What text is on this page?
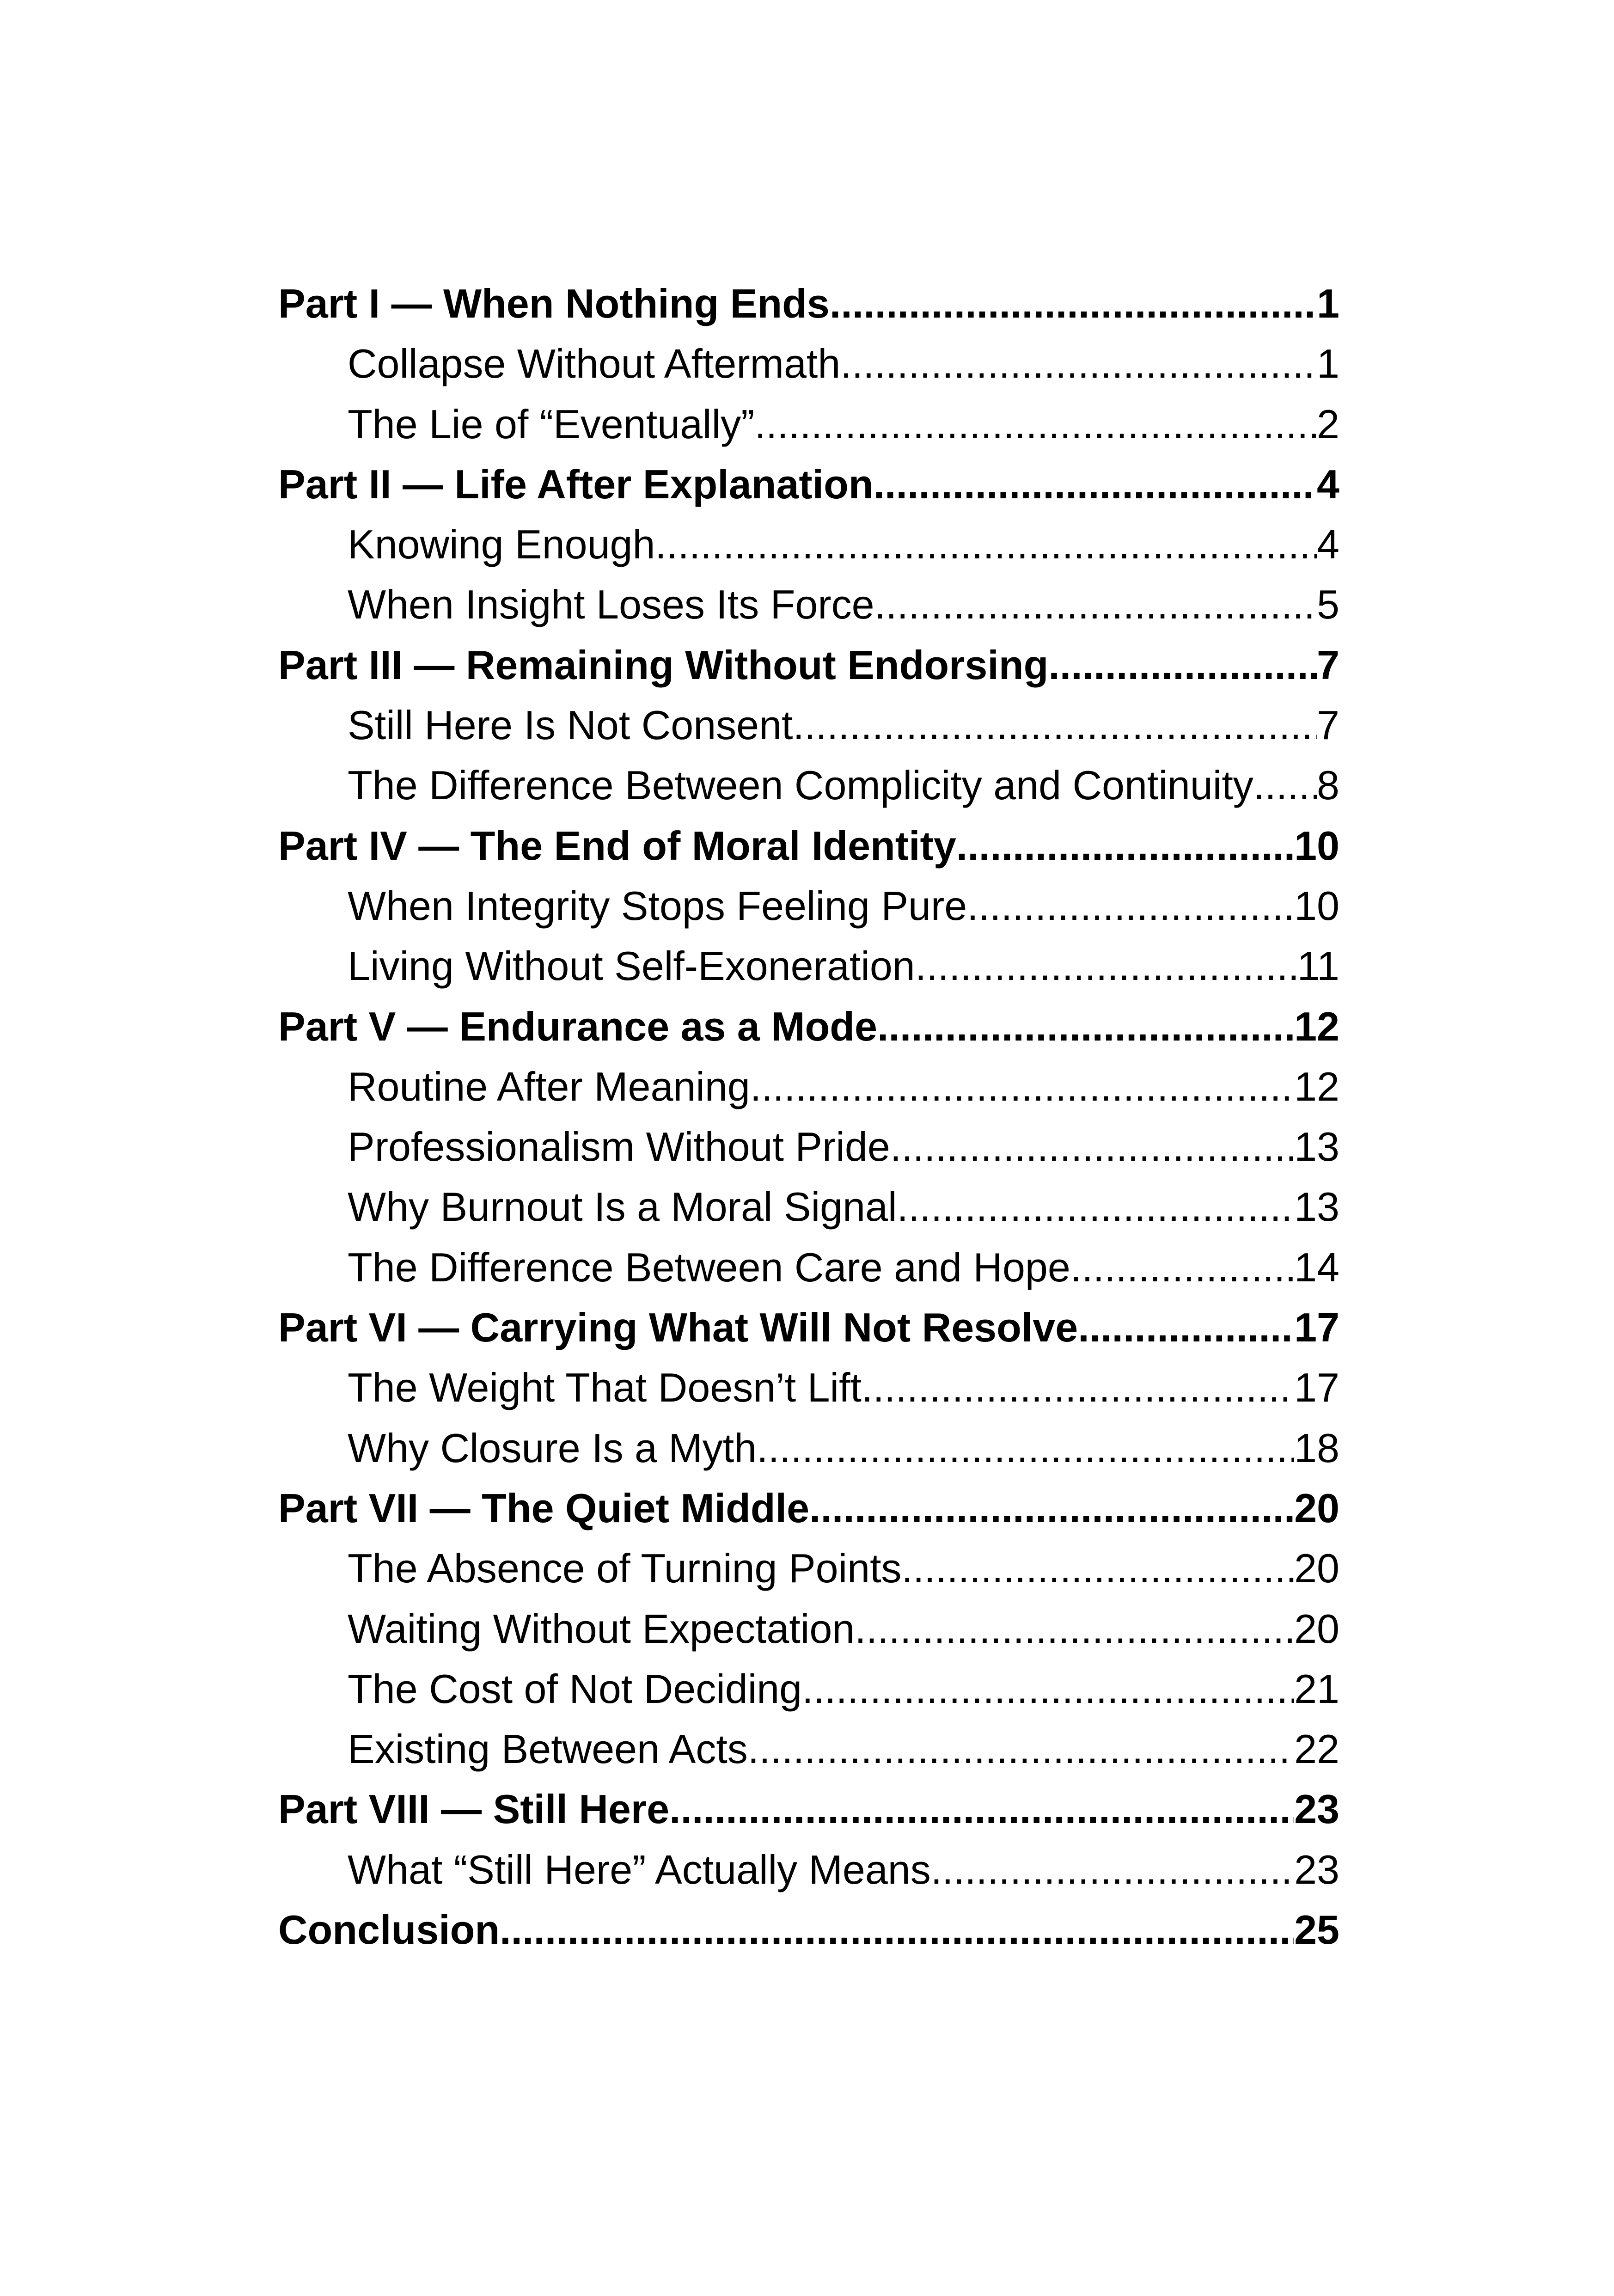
Part I — When Nothing Ends .....	1
Collapse Without Aftermath .....	1
The Lie of “Eventually” .....	2
Part II — Life After Explanation .....	4
Knowing Enough .....	4
When Insight Loses Its Force .....	5
Part III — Remaining Without Endorsing .....	7
Still Here Is Not Consent .....	7
The Difference Between Complicity and Continuity ..... 8
Part IV — The End of Moral Identity .....	10
When Integrity Stops Feeling Pure .....	10
Living Without Self-Exoneration .....	11
Part V — Endurance as a Mode .....	12
Routine After Meaning .....	12
Professionalism Without Pride .....	13
Why Burnout Is a Moral Signal .....	13
The Difference Between Care and Hope .....	14
Part VI — Carrying What Will Not Resolve .....	17
The Weight That Doesn’t Lift .....	17
Why Closure Is a Myth .....	18
Part VII — The Quiet Middle .....	20
The Absence of Turning Points .....	20
Waiting Without Expectation .....	20
The Cost of Not Deciding .....	21
Existing Between Acts .....	22
Part VIII — Still Here .....	23
What “Still Here” Actually Means .....	23
Conclusion .....	25
